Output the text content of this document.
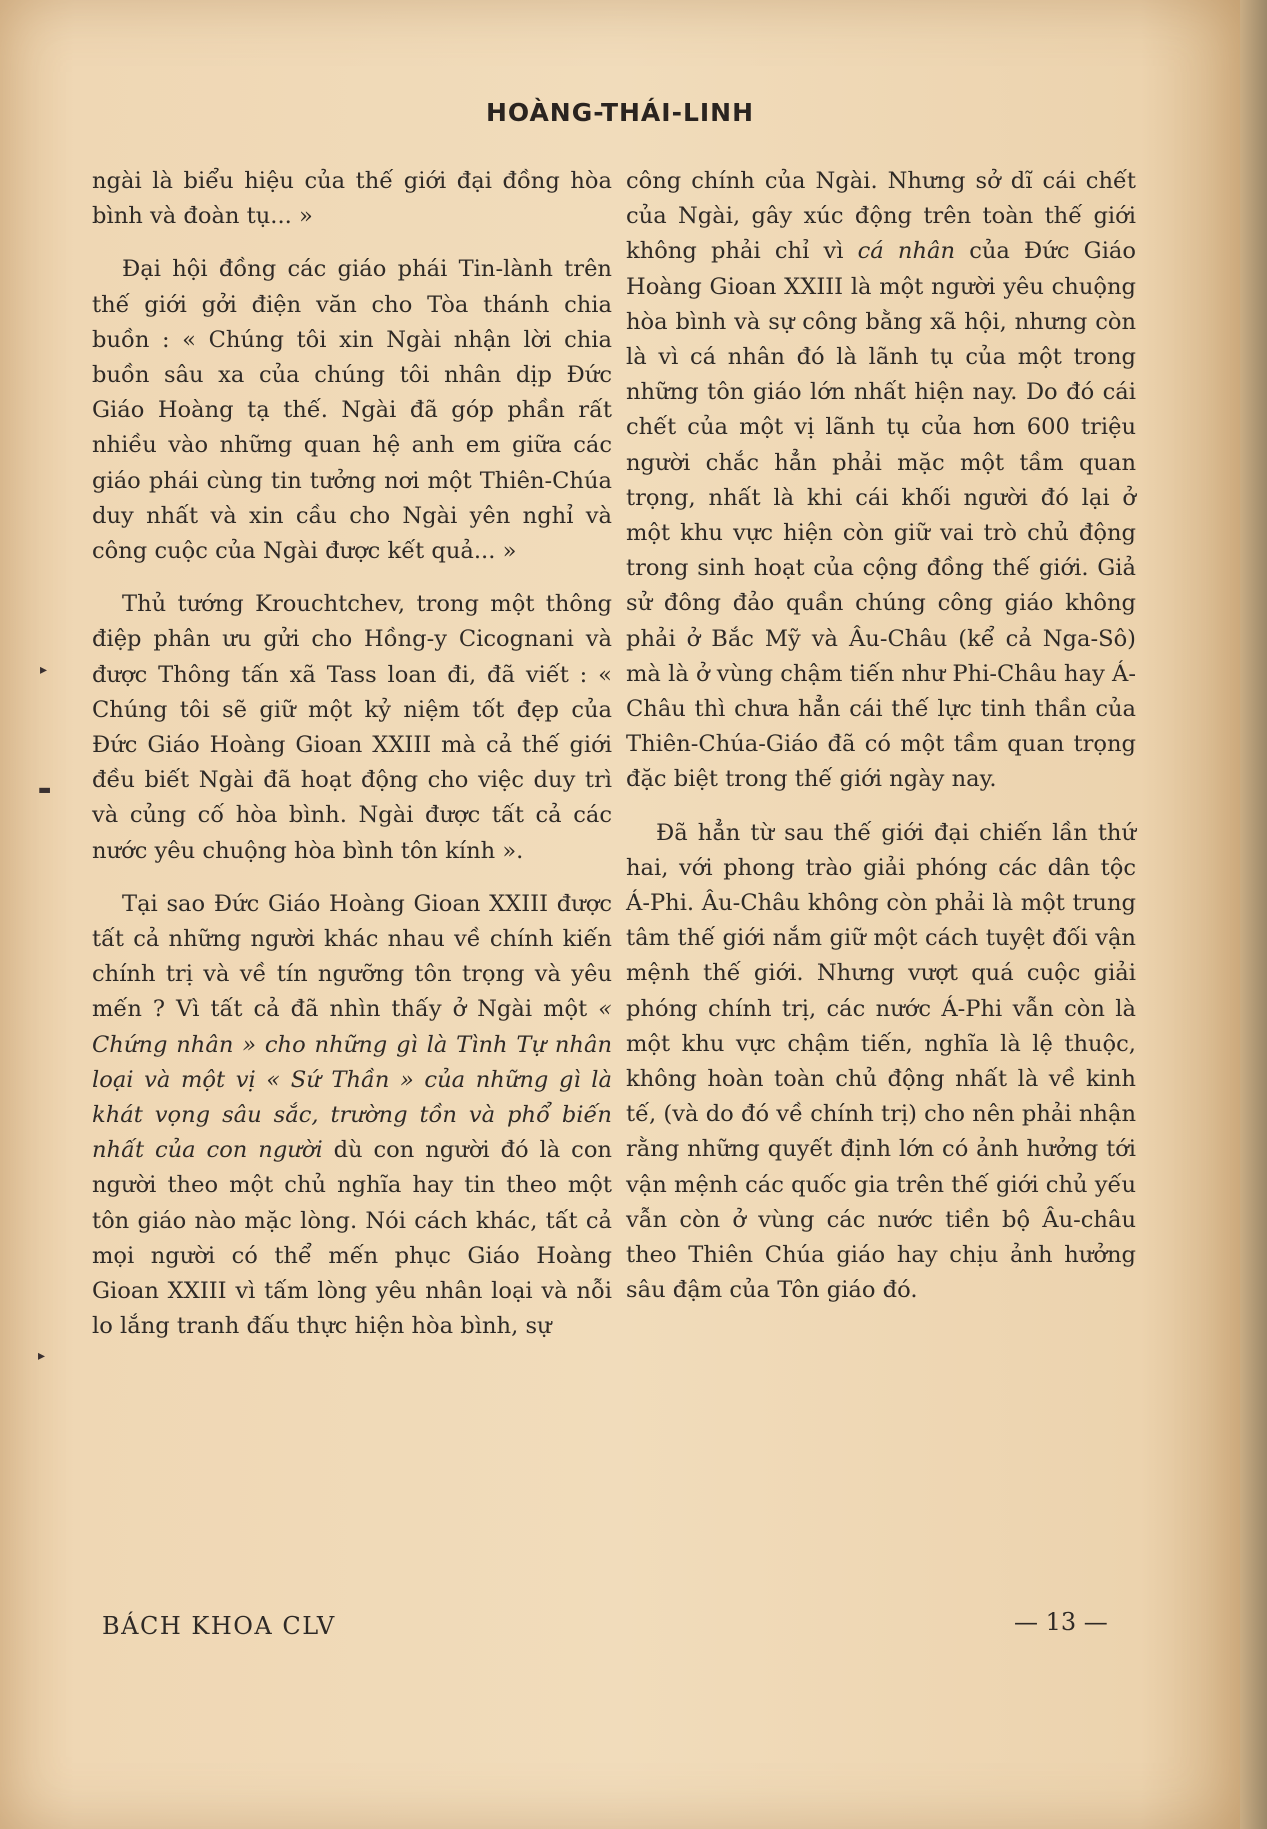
HOÀNG-THÁI-LINH

ngài là biểu hiệu của thế giới đại đồng hòa bình và đoàn tụ... »

Đại hội đồng các giáo phái Tin-lành trên thế giới gởi điện văn cho Tòa thánh chia buồn : « Chúng tôi xin Ngài nhận lời chia buồn sâu xa của chúng tôi nhân dịp Đức Giáo Hoàng tạ thế. Ngài đã góp phần rất nhiều vào những quan hệ anh em giữa các giáo phái cùng tin tưởng nơi một Thiên-Chúa duy nhất và xin cầu cho Ngài yên nghỉ và công cuộc của Ngài được kết quả... »

Thủ tướng Krouchtchev, trong một thông điệp phân ưu gửi cho Hồng-y Cicognani và được Thông tấn xã Tass loan đi, đã viết : « Chúng tôi sẽ giữ một kỷ niệm tốt đẹp của Đức Giáo Hoàng Gioan XXIII mà cả thế giới đều biết Ngài đã hoạt động cho việc duy trì và củng cố hòa bình. Ngài được tất cả các nước yêu chuộng hòa bình tôn kính ».

Tại sao Đức Giáo Hoàng Gioan XXIII được tất cả những người khác nhau về chính kiến chính trị và về tín ngưỡng tôn trọng và yêu mến ? Vì tất cả đã nhìn thấy ở Ngài một « Chứng nhân » cho những gì là Tình Tự nhân loại và một vị « Sứ Thần » của những gì là khát vọng sâu sắc, trường tồn và phổ biến nhất của con người dù con người đó là con người theo một chủ nghĩa hay tin theo một tôn giáo nào mặc lòng. Nói cách khác, tất cả mọi người có thể mến phục Giáo Hoàng Gioan XXIII vì tấm lòng yêu nhân loại và nỗi lo lắng tranh đấu thực hiện hòa bình, sự

công chính của Ngài. Nhưng sở dĩ cái chết của Ngài, gây xúc động trên toàn thế giới không phải chỉ vì cá nhân của Đức Giáo Hoàng Gioan XXIII là một người yêu chuộng hòa bình và sự công bằng xã hội, nhưng còn là vì cá nhân đó là lãnh tụ của một trong những tôn giáo lớn nhất hiện nay. Do đó cái chết của một vị lãnh tụ của hơn 600 triệu người chắc hẳn phải mặc một tầm quan trọng, nhất là khi cái khối người đó lại ở một khu vực hiện còn giữ vai trò chủ động trong sinh hoạt của cộng đồng thế giới. Giả sử đông đảo quần chúng công giáo không phải ở Bắc Mỹ và Âu-Châu (kể cả Nga-Sô) mà là ở vùng chậm tiến như Phi-Châu hay Á-Châu thì chưa hẳn cái thế lực tinh thần của Thiên-Chúa-Giáo đã có một tầm quan trọng đặc biệt trong thế giới ngày nay.

Đã hẳn từ sau thế giới đại chiến lần thứ hai, với phong trào giải phóng các dân tộc Á-Phi. Âu-Châu không còn phải là một trung tâm thế giới nắm giữ một cách tuyệt đối vận mệnh thế giới. Nhưng vượt quá cuộc giải phóng chính trị, các nước Á-Phi vẫn còn là một khu vực chậm tiến, nghĩa là lệ thuộc, không hoàn toàn chủ động nhất là về kinh tế, (và do đó về chính trị) cho nên phải nhận rằng những quyết định lớn có ảnh hưởng tới vận mệnh các quốc gia trên thế giới chủ yếu vẫn còn ở vùng các nước tiền bộ Âu-châu theo Thiên Chúa giáo hay chịu ảnh hưởng sâu đậm của Tôn giáo đó.

BÁCH KHOA CLV	— 13 —
▸
▬
▸
